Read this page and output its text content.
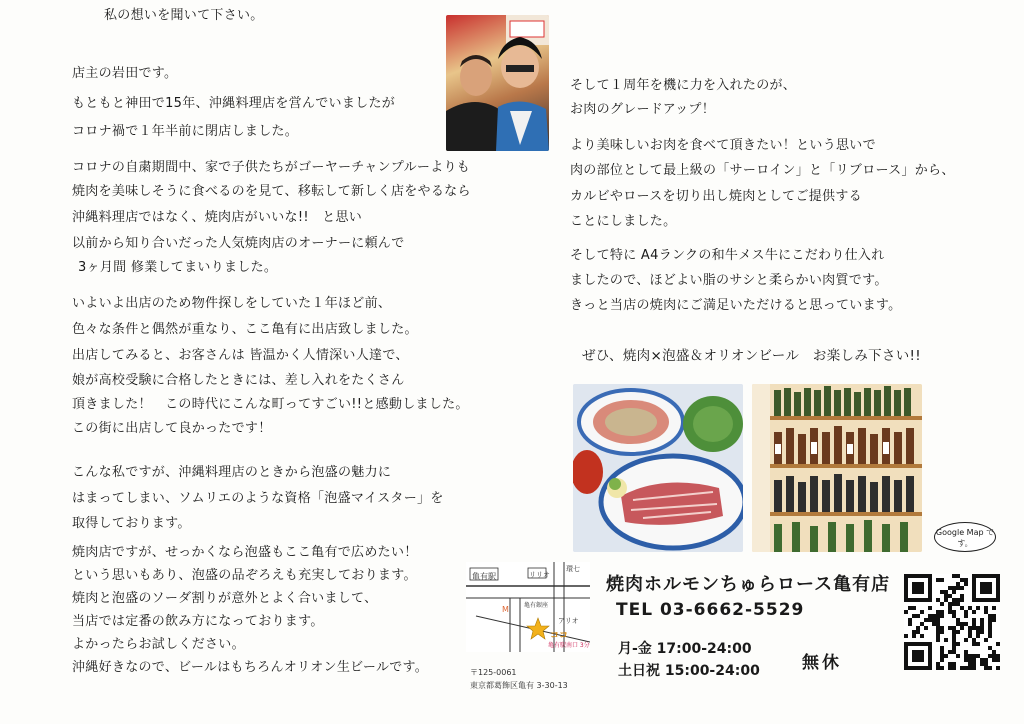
私の想いを聞いて下さい。
店主の岩田です。
もともと神田で15年、沖縄料理店を営んでいましたが
コロナ禍で１年半前に閉店しました。
コロナの自粛期間中、家で子供たちがゴーヤーチャンプルーよりも
焼肉を美味しそうに食べるのを見て、移転して新しく店をやるなら
沖縄料理店ではなく、焼肉店がいいな!!　と思い
以前から知り合いだった人気焼肉店のオーナーに頼んで
3ヶ月間 修業してまいりました。
いよいよ出店のため物件探しをしていた１年ほど前、
色々な条件と偶然が重なり、ここ亀有に出店致しました。
出店してみると、お客さんは 皆温かく人情深い人達で、
娘が高校受験に合格したときには、差し入れをたくさん
頂きました！　この時代にこんな町ってすごい!!と感動しました。
この街に出店して良かったです！
こんな私ですが、沖縄料理店のときから泡盛の魅力に
はまってしまい、ソムリエのような資格「泡盛マイスター」を
取得しております。
焼肉店ですが、せっかくなら泡盛もここ亀有で広めたい！
という思いもあり、泡盛の品ぞろえも充実しております。
焼肉と泡盛のソーダ割りが意外とよく合いまして、
当店では定番の飲み方になっております。
よかったらお試しください。
沖縄好きなので、ビールはもちろんオリオン生ビールです。
そして１周年を機に力を入れたのが、
お肉のグレードアップ！
より美味しいお肉を食べて頂きたい！という思いで
肉の部位として最上級の「サーロイン」と「リブロース」から、
カルビやロースを切り出し焼肉としてご提供する
ことにしました。
そして特に A4ランクの和牛メス牛にこだわり仕入れ
ましたので、ほどよい脂のサシと柔らかい肉質です。
きっと当店の焼肉にご満足いただけると思っています。
ぜひ、焼肉×泡盛＆オリオンビール　お楽しみ下さい!!
Google Map です。
M
亀有駅	リリオ
環七
アリオ
亀有銀座
ココ
亀有駅南口 3分
〒125-0061
東京都葛飾区亀有 3-30-13
焼肉ホルモンちゅらロース亀有店
TEL 03-6662-5529
月-金 17:00-24:00
土日祝 15:00-24:00 無休
